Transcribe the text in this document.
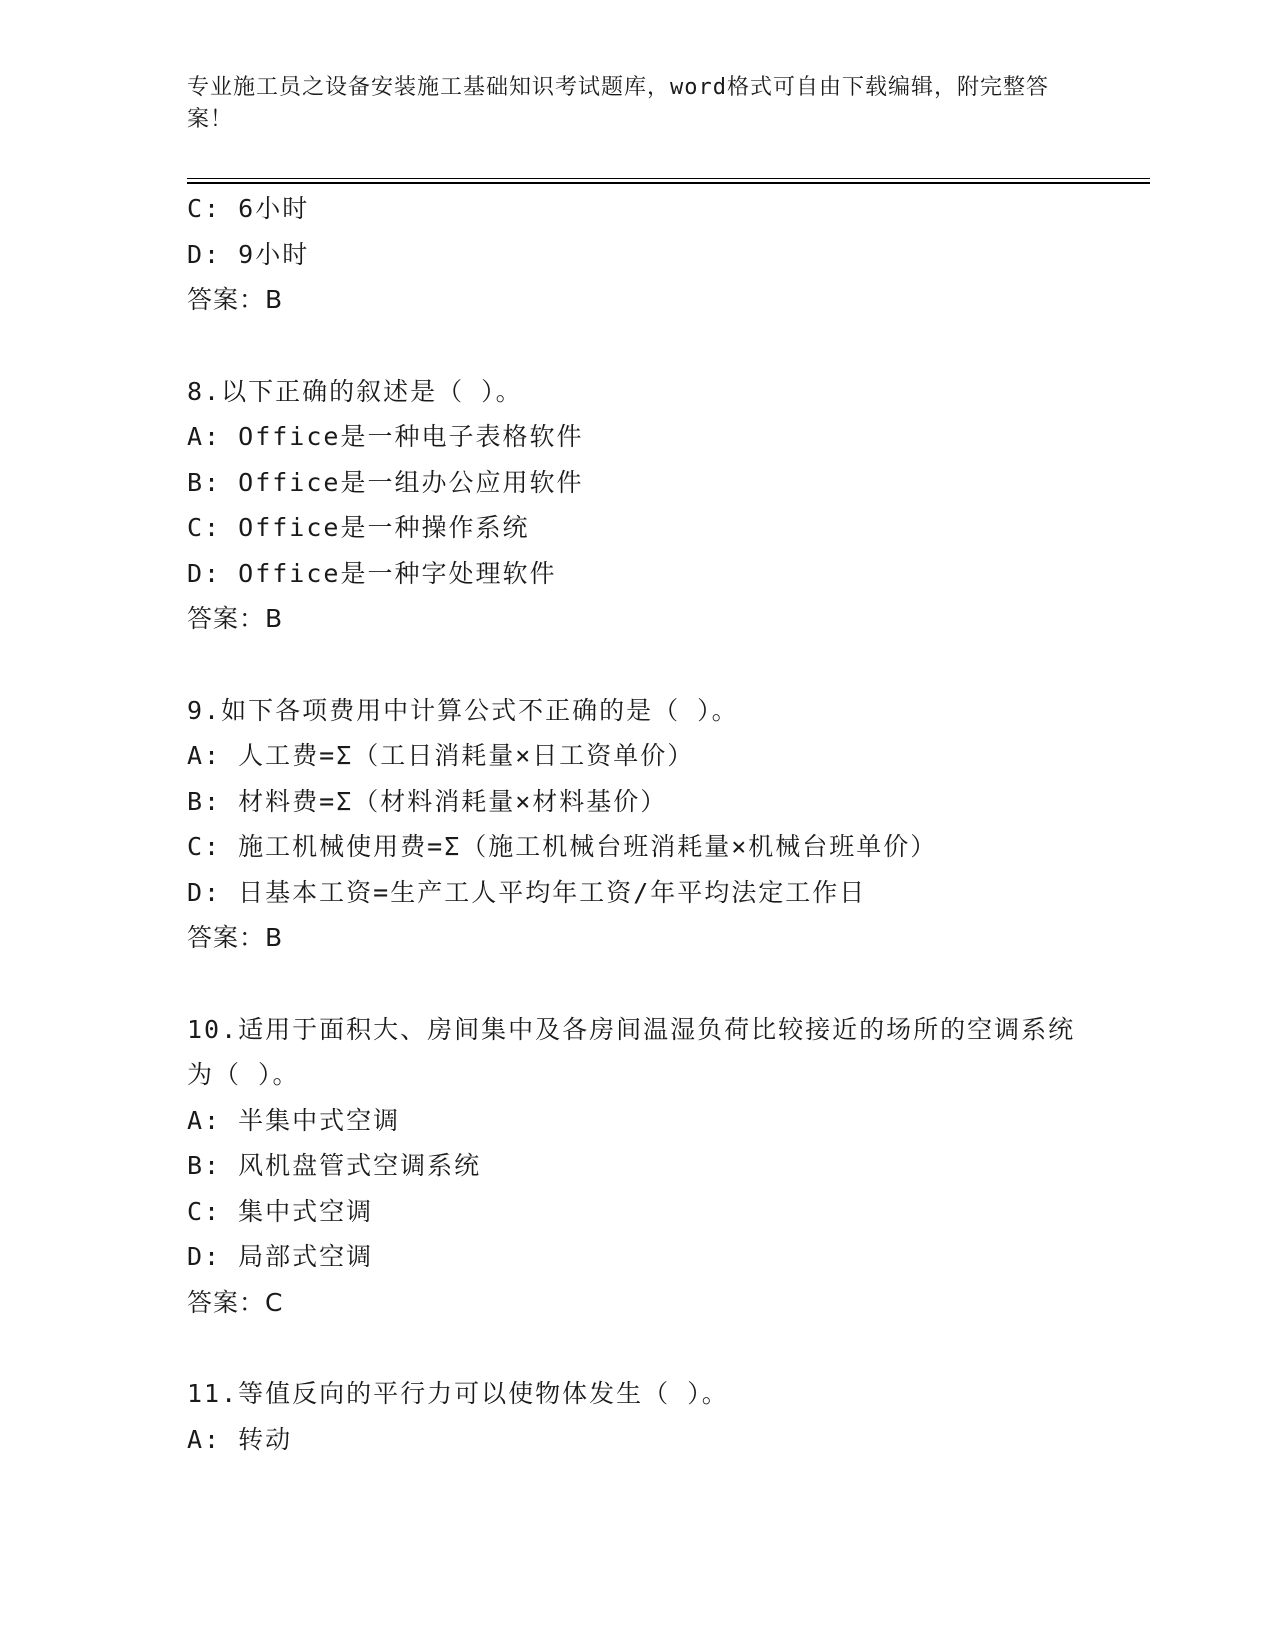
专业施工员之设备安装施工基础知识考试题库，word格式可自由下载编辑，附完整答案！
C: 6小时
D: 9小时
答案：B
8.以下正确的叙述是（ ）。
A: Office是一种电子表格软件
B: Office是一组办公应用软件
C: Office是一种操作系统
D: Office是一种字处理软件
答案：B
9.如下各项费用中计算公式不正确的是（ ）。
A: 人工费=Σ（工日消耗量×日工资单价）
B: 材料费=Σ（材料消耗量×材料基价）
C: 施工机械使用费=Σ（施工机械台班消耗量×机械台班单价）
D: 日基本工资=生产工人平均年工资/年平均法定工作日
答案：B
10.适用于面积大、房间集中及各房间温湿负荷比较接近的场所的空调系统为（ ）。
A: 半集中式空调
B: 风机盘管式空调系统
C: 集中式空调
D: 局部式空调
答案：C
11.等值反向的平行力可以使物体发生（ ）。
A: 转动
